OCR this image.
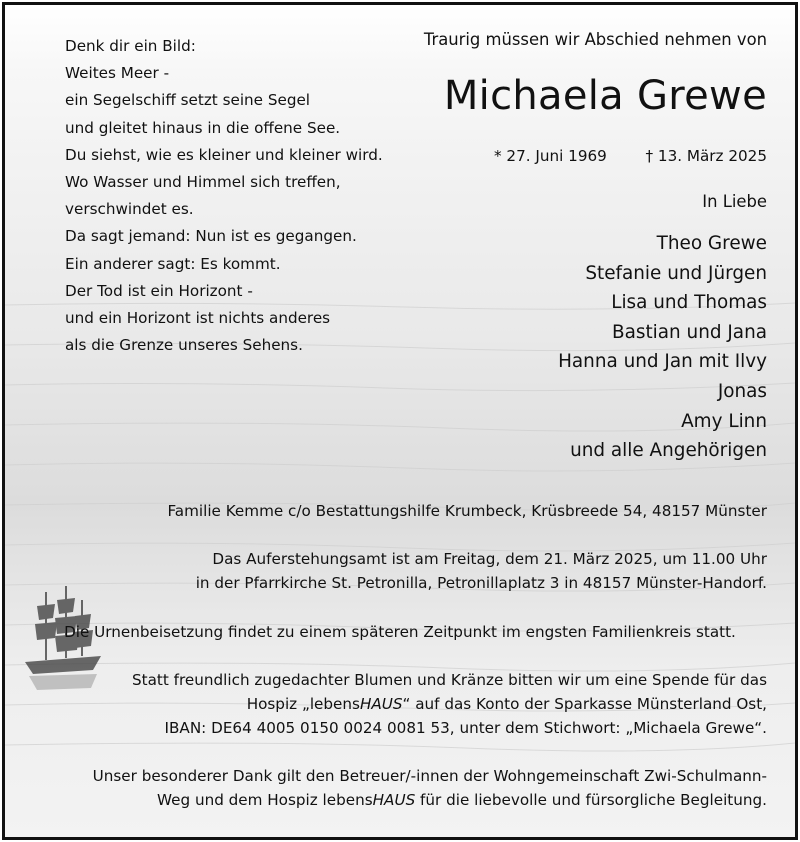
Denk dir ein Bild:
Weites Meer -
ein Segelschiff setzt seine Segel
und gleitet hinaus in die offene See.
Du siehst, wie es kleiner und kleiner wird.
Wo Wasser und Himmel sich treffen,
verschwindet es.
Da sagt jemand: Nun ist es gegangen.
Ein anderer sagt: Es kommt.
Der Tod ist ein Horizont -
und ein Horizont ist nichts anderes
als die Grenze unseres Sehens.
Traurig müssen wir Abschied nehmen von
Michaela Grewe
* 27. Juni 1969	† 13. März 2025
In Liebe
Theo Grewe
Stefanie und Jürgen
Lisa und Thomas
Bastian und Jana
Hanna und Jan mit Ilvy
Jonas
Amy Linn
und alle Angehörigen
Familie Kemme c/o Bestattungshilfe Krumbeck, Krüsbreede 54, 48157 Münster
Das Auferstehungsamt ist am Freitag, dem 21. März 2025, um 11.00 Uhr
in der Pfarrkirche St. Petronilla, Petronillaplatz 3 in 48157 Münster-Handorf.
Die Urnenbeisetzung findet zu einem späteren Zeitpunkt im engsten Familienkreis statt.
Statt freundlich zugedachter Blumen und Kränze bitten wir um eine Spende für das
Hospiz „lebensHAUS“ auf das Konto der Sparkasse Münsterland Ost,
IBAN: DE64 4005 0150 0024 0081 53, unter dem Stichwort: „Michaela Grewe“.
Unser besonderer Dank gilt den Betreuer/-innen der Wohngemeinschaft Zwi-Schulmann-
Weg und dem Hospiz lebensHAUS für die liebevolle und fürsorgliche Begleitung.
